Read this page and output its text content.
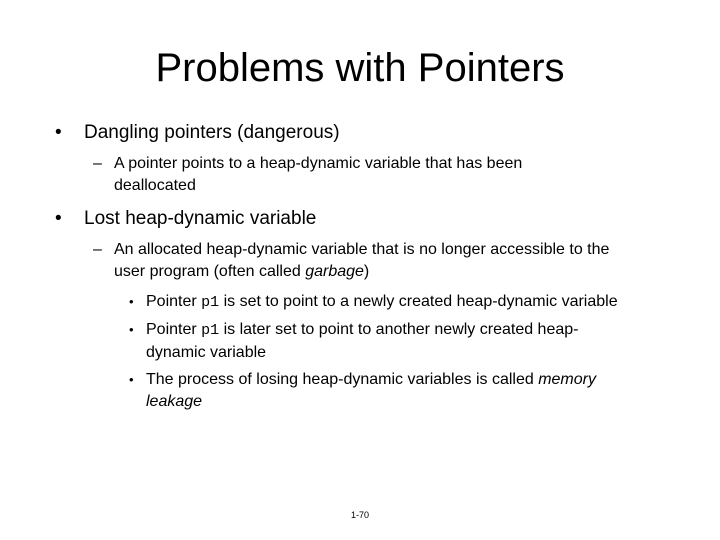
Problems with Pointers
• Dangling pointers (dangerous)
– A pointer points to a heap-dynamic variable that has been
deallocated
• Lost heap-dynamic variable
– An allocated heap-dynamic variable that is no longer accessible to the
user program (often called garbage)
• Pointer p1 is set to point to a newly created heap-dynamic variable
• Pointer p1 is later set to point to another newly created heap-
dynamic variable
• The process of losing heap-dynamic variables is called memory
leakage
1-70
